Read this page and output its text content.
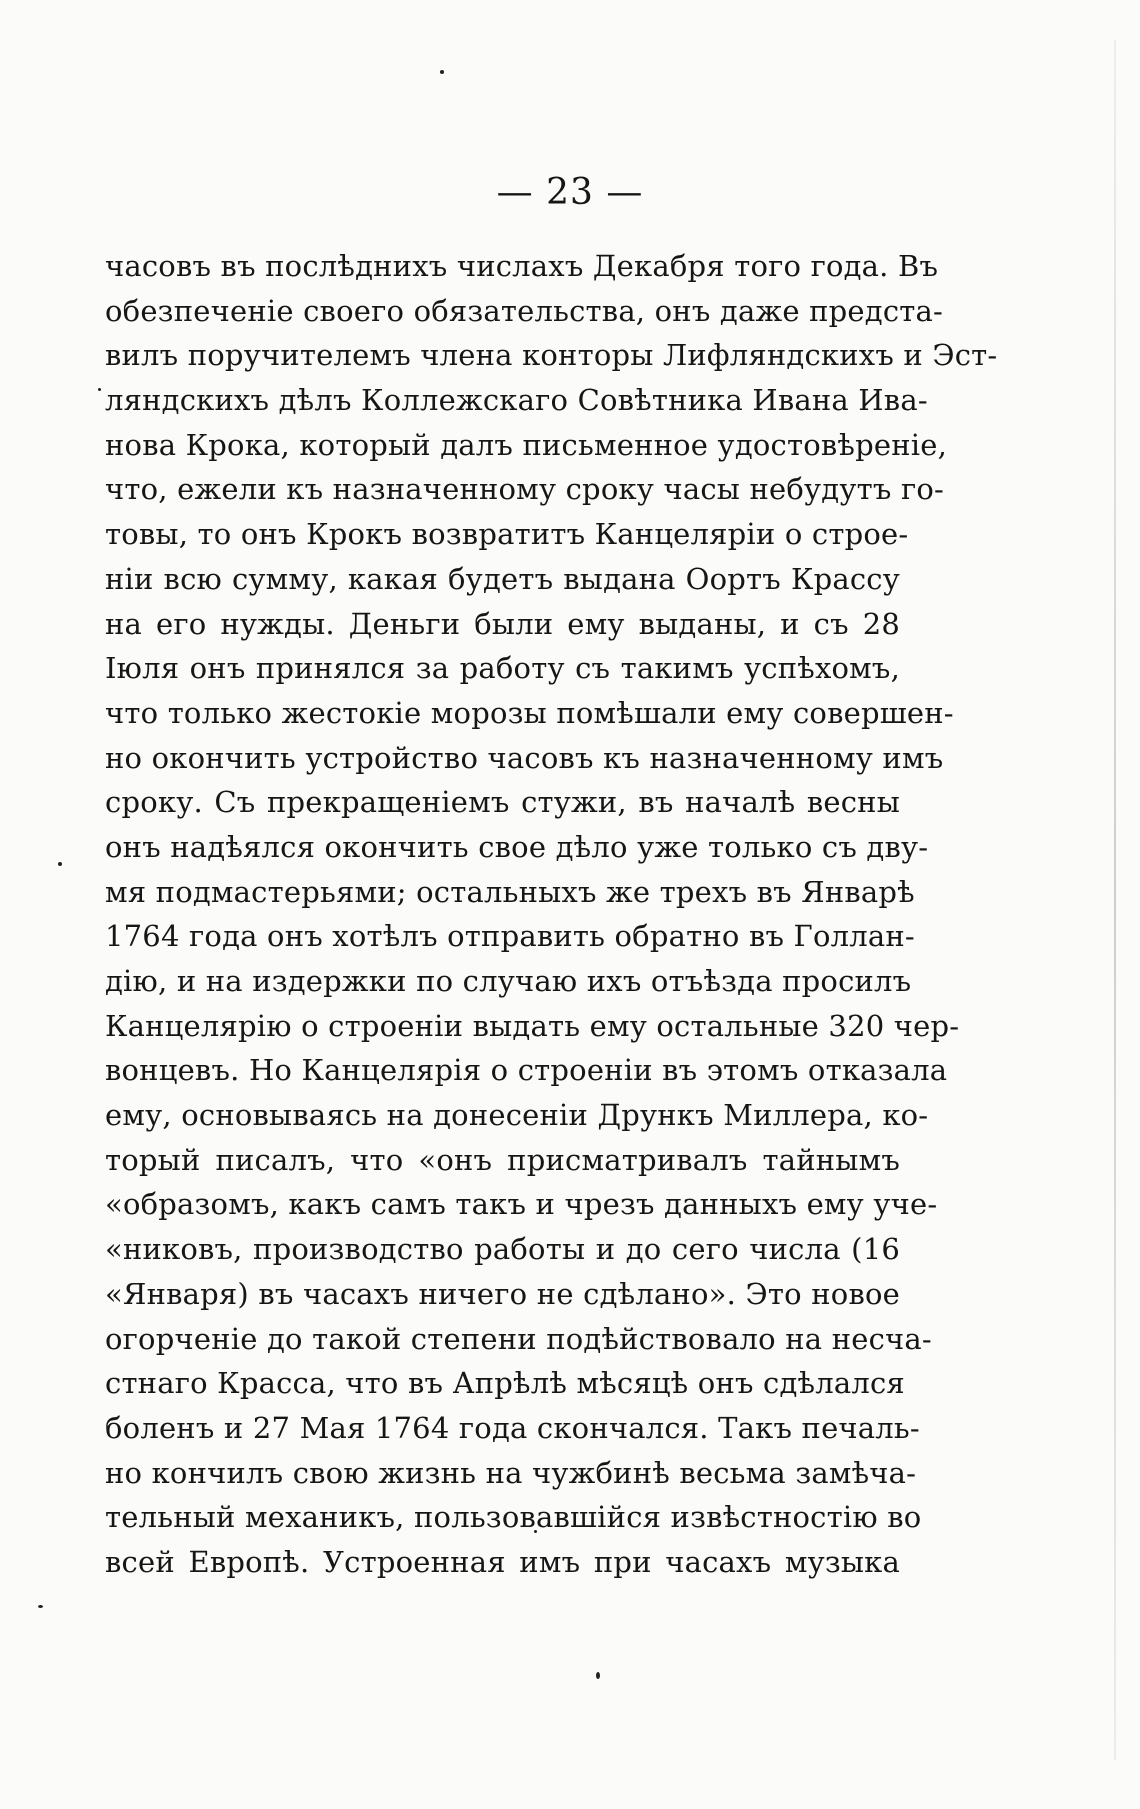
— 23 —
часовъ въ послѣднихъ числахъ Декабря того года. Въ
обезпеченіе своего обязательства, онъ даже предста-
вилъ поручителемъ члена конторы Лифляндскихъ и Эст-
ляндскихъ дѣлъ Коллежскаго Совѣтника Ивана Ива-
нова Крока, который далъ письменное удостовѣреніе,
что, ежели къ назначенному сроку часы небудутъ го-
товы, то онъ Крокъ возвратитъ Канцеляріи о строе-
ніи всю сумму, какая будетъ выдана Оортъ Крассу
на его нужды. Деньги были ему выданы, и съ 28
Іюля онъ принялся за работу съ такимъ успѣхомъ,
что только жестокіе морозы помѣшали ему совершен-
но окончить устройство часовъ къ назначенному имъ
сроку. Съ прекращеніемъ стужи, въ началѣ весны
онъ надѣялся окончить свое дѣло уже только съ дву-
мя подмастерьями; остальныхъ же трехъ въ Январѣ
1764 года онъ хотѣлъ отправить обратно въ Голлан-
дію, и на издержки по случаю ихъ отъѣзда просилъ
Канцелярію о строеніи выдать ему остальные 320 чер-
вонцевъ. Но Канцелярія о строеніи въ этомъ отказала
ему, основываясь на донесеніи Дрункъ Миллера, ко-
торый писалъ, что «онъ присматривалъ тайнымъ
«образомъ, какъ самъ такъ и чрезъ данныхъ ему уче-
«никовъ, производство работы и до сего числа (16
«Января) въ часахъ ничего не сдѣлано». Это новое
огорченіе до такой степени подѣйствовало на несча-
стнаго Красса, что въ Апрѣлѣ мѣсяцѣ онъ сдѣлался
боленъ и 27 Мая 1764 года скончался. Такъ печаль-
но кончилъ свою жизнь на чужбинѣ весьма замѣча-
тельный механикъ, пользовавшійся извѣстностію во
всей Европѣ. Устроенная имъ при часахъ музыка
